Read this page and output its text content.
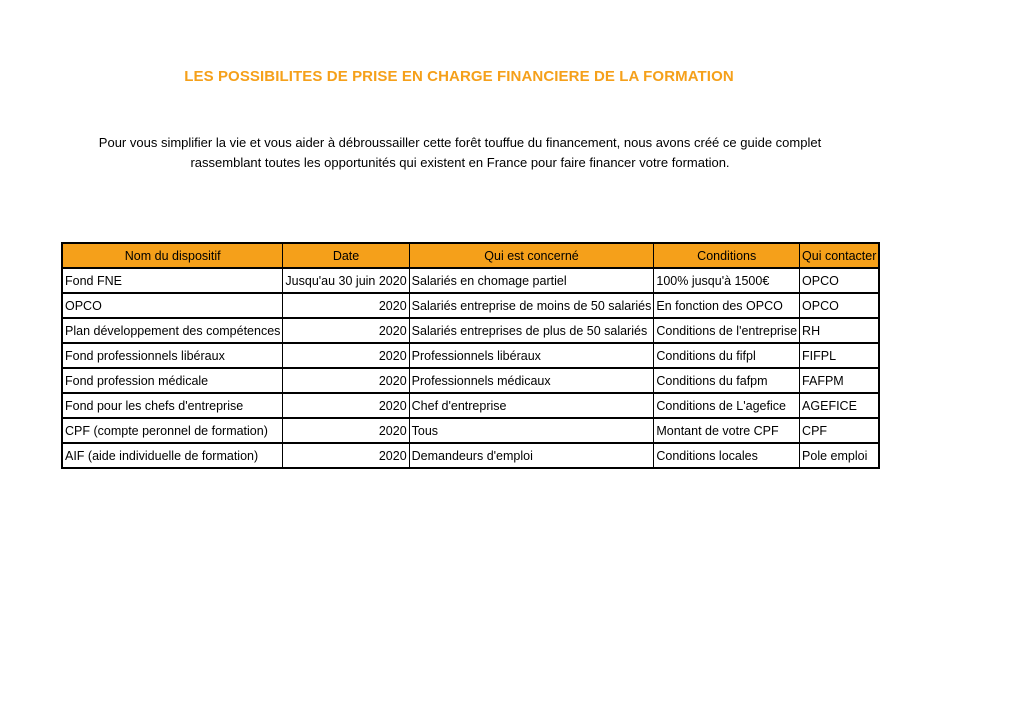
LES POSSIBILITES DE PRISE EN CHARGE FINANCIERE DE LA FORMATION
Pour vous simplifier la vie et vous aider à débroussailler cette forêt touffue du financement, nous avons créé ce guide complet
rassemblant toutes les opportunités qui existent en France pour faire financer votre formation.
Nom du dispositif	Date	Qui est concerné	Conditions	Qui contacter
Fond FNE	Jusqu'au 30 juin 2020	Salariés en chomage partiel	100% jusqu'à 1500€	OPCO
OPCO	2020	Salariés entreprise de moins de 50 salariés	En fonction des OPCO	OPCO
Plan développement des compétences	2020	Salariés entreprises de plus de 50 salariés	Conditions de l'entreprise	RH
Fond professionnels libéraux	2020	Professionnels libéraux	Conditions du fifpl	FIFPL
Fond profession médicale	2020	Professionnels médicaux	Conditions du fafpm	FAFPM
Fond pour les chefs d'entreprise	2020	Chef d'entreprise	Conditions de L'agefice	AGEFICE
CPF (compte peronnel de formation)	2020	Tous	Montant de votre CPF	CPF
AIF (aide individuelle de formation)	2020	Demandeurs d'emploi	Conditions locales	Pole emploi
